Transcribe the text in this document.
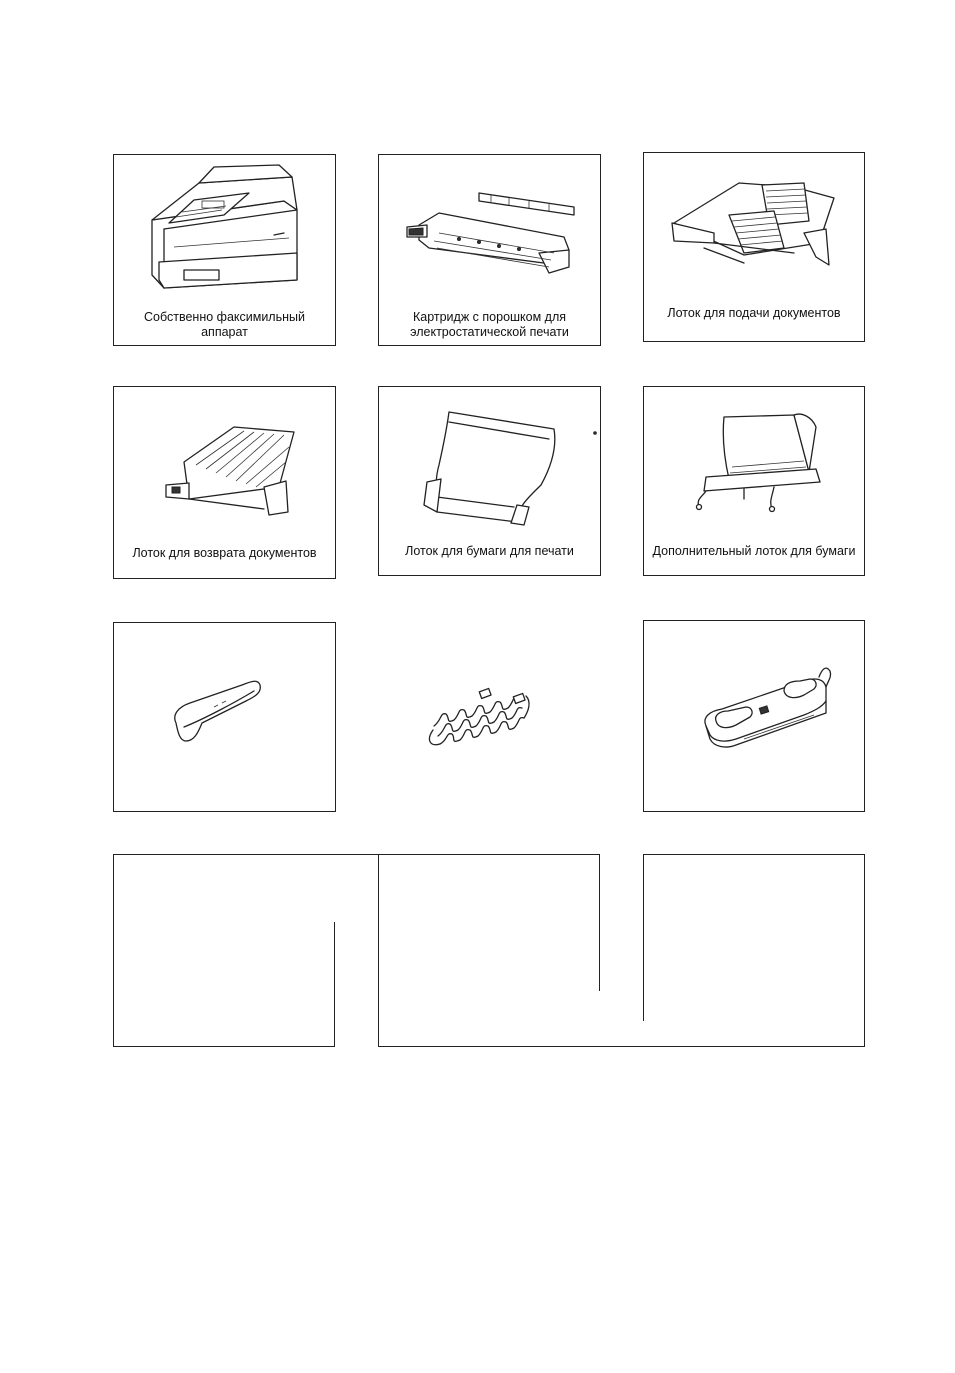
Собственно факсимильный аппарат
Картридж с порошком для электростатической печати
Лоток для подачи документов
Лоток для возврата документов	Лоток для бумаги для печати	Дополнительный лоток для бумаги
